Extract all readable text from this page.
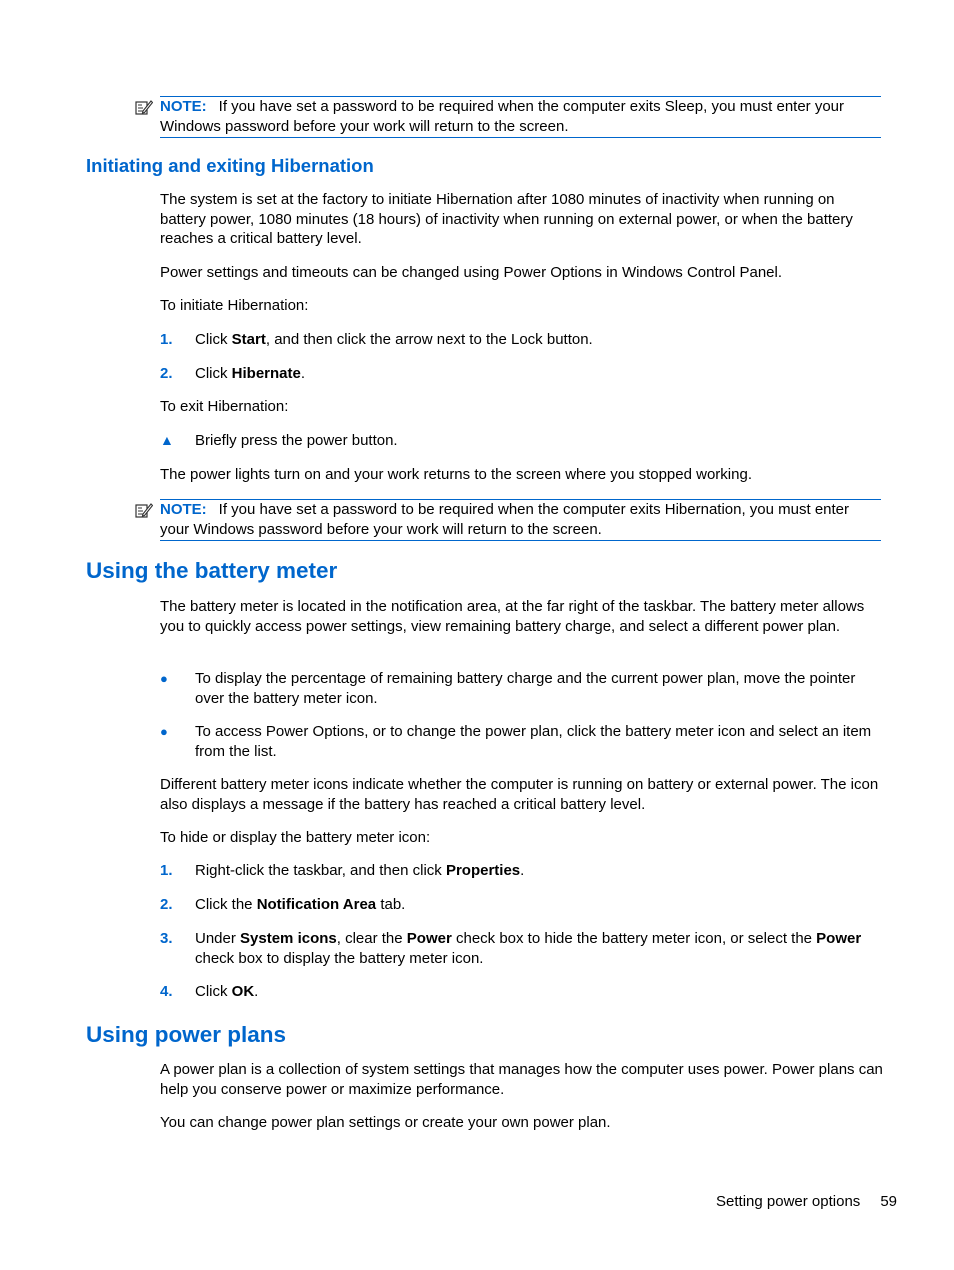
NOTE: If you have set a password to be required when the computer exits Sleep, you must enter your Windows password before your work will return to the screen.
Initiating and exiting Hibernation

The system is set at the factory to initiate Hibernation after 1080 minutes of inactivity when running on battery power, 1080 minutes (18 hours) of inactivity when running on external power, or when the battery reaches a critical battery level.

Power settings and timeouts can be changed using Power Options in Windows Control Panel.

To initiate Hibernation:

1. Click Start, and then click the arrow next to the Lock button.
2. Click Hibernate.

To exit Hibernation:

▲ Briefly press the power button.

The power lights turn on and your work returns to the screen where you stopped working.

NOTE: If you have set a password to be required when the computer exits Hibernation, you must enter your Windows password before your work will return to the screen.
Using the battery meter

The battery meter is located in the notification area, at the far right of the taskbar. The battery meter allows you to quickly access power settings, view remaining battery charge, and select a different power plan.

● To display the percentage of remaining battery charge and the current power plan, move the pointer over the battery meter icon.
● To access Power Options, or to change the power plan, click the battery meter icon and select an item from the list.

Different battery meter icons indicate whether the computer is running on battery or external power. The icon also displays a message if the battery has reached a critical battery level.

To hide or display the battery meter icon:

1. Right-click the taskbar, and then click Properties.
2. Click the Notification Area tab.
3. Under System icons, clear the Power check box to hide the battery meter icon, or select the Power check box to display the battery meter icon.
4. Click OK.
Using power plans

A power plan is a collection of system settings that manages how the computer uses power. Power plans can help you conserve power or maximize performance.

You can change power plan settings or create your own power plan.

Setting power options 59
